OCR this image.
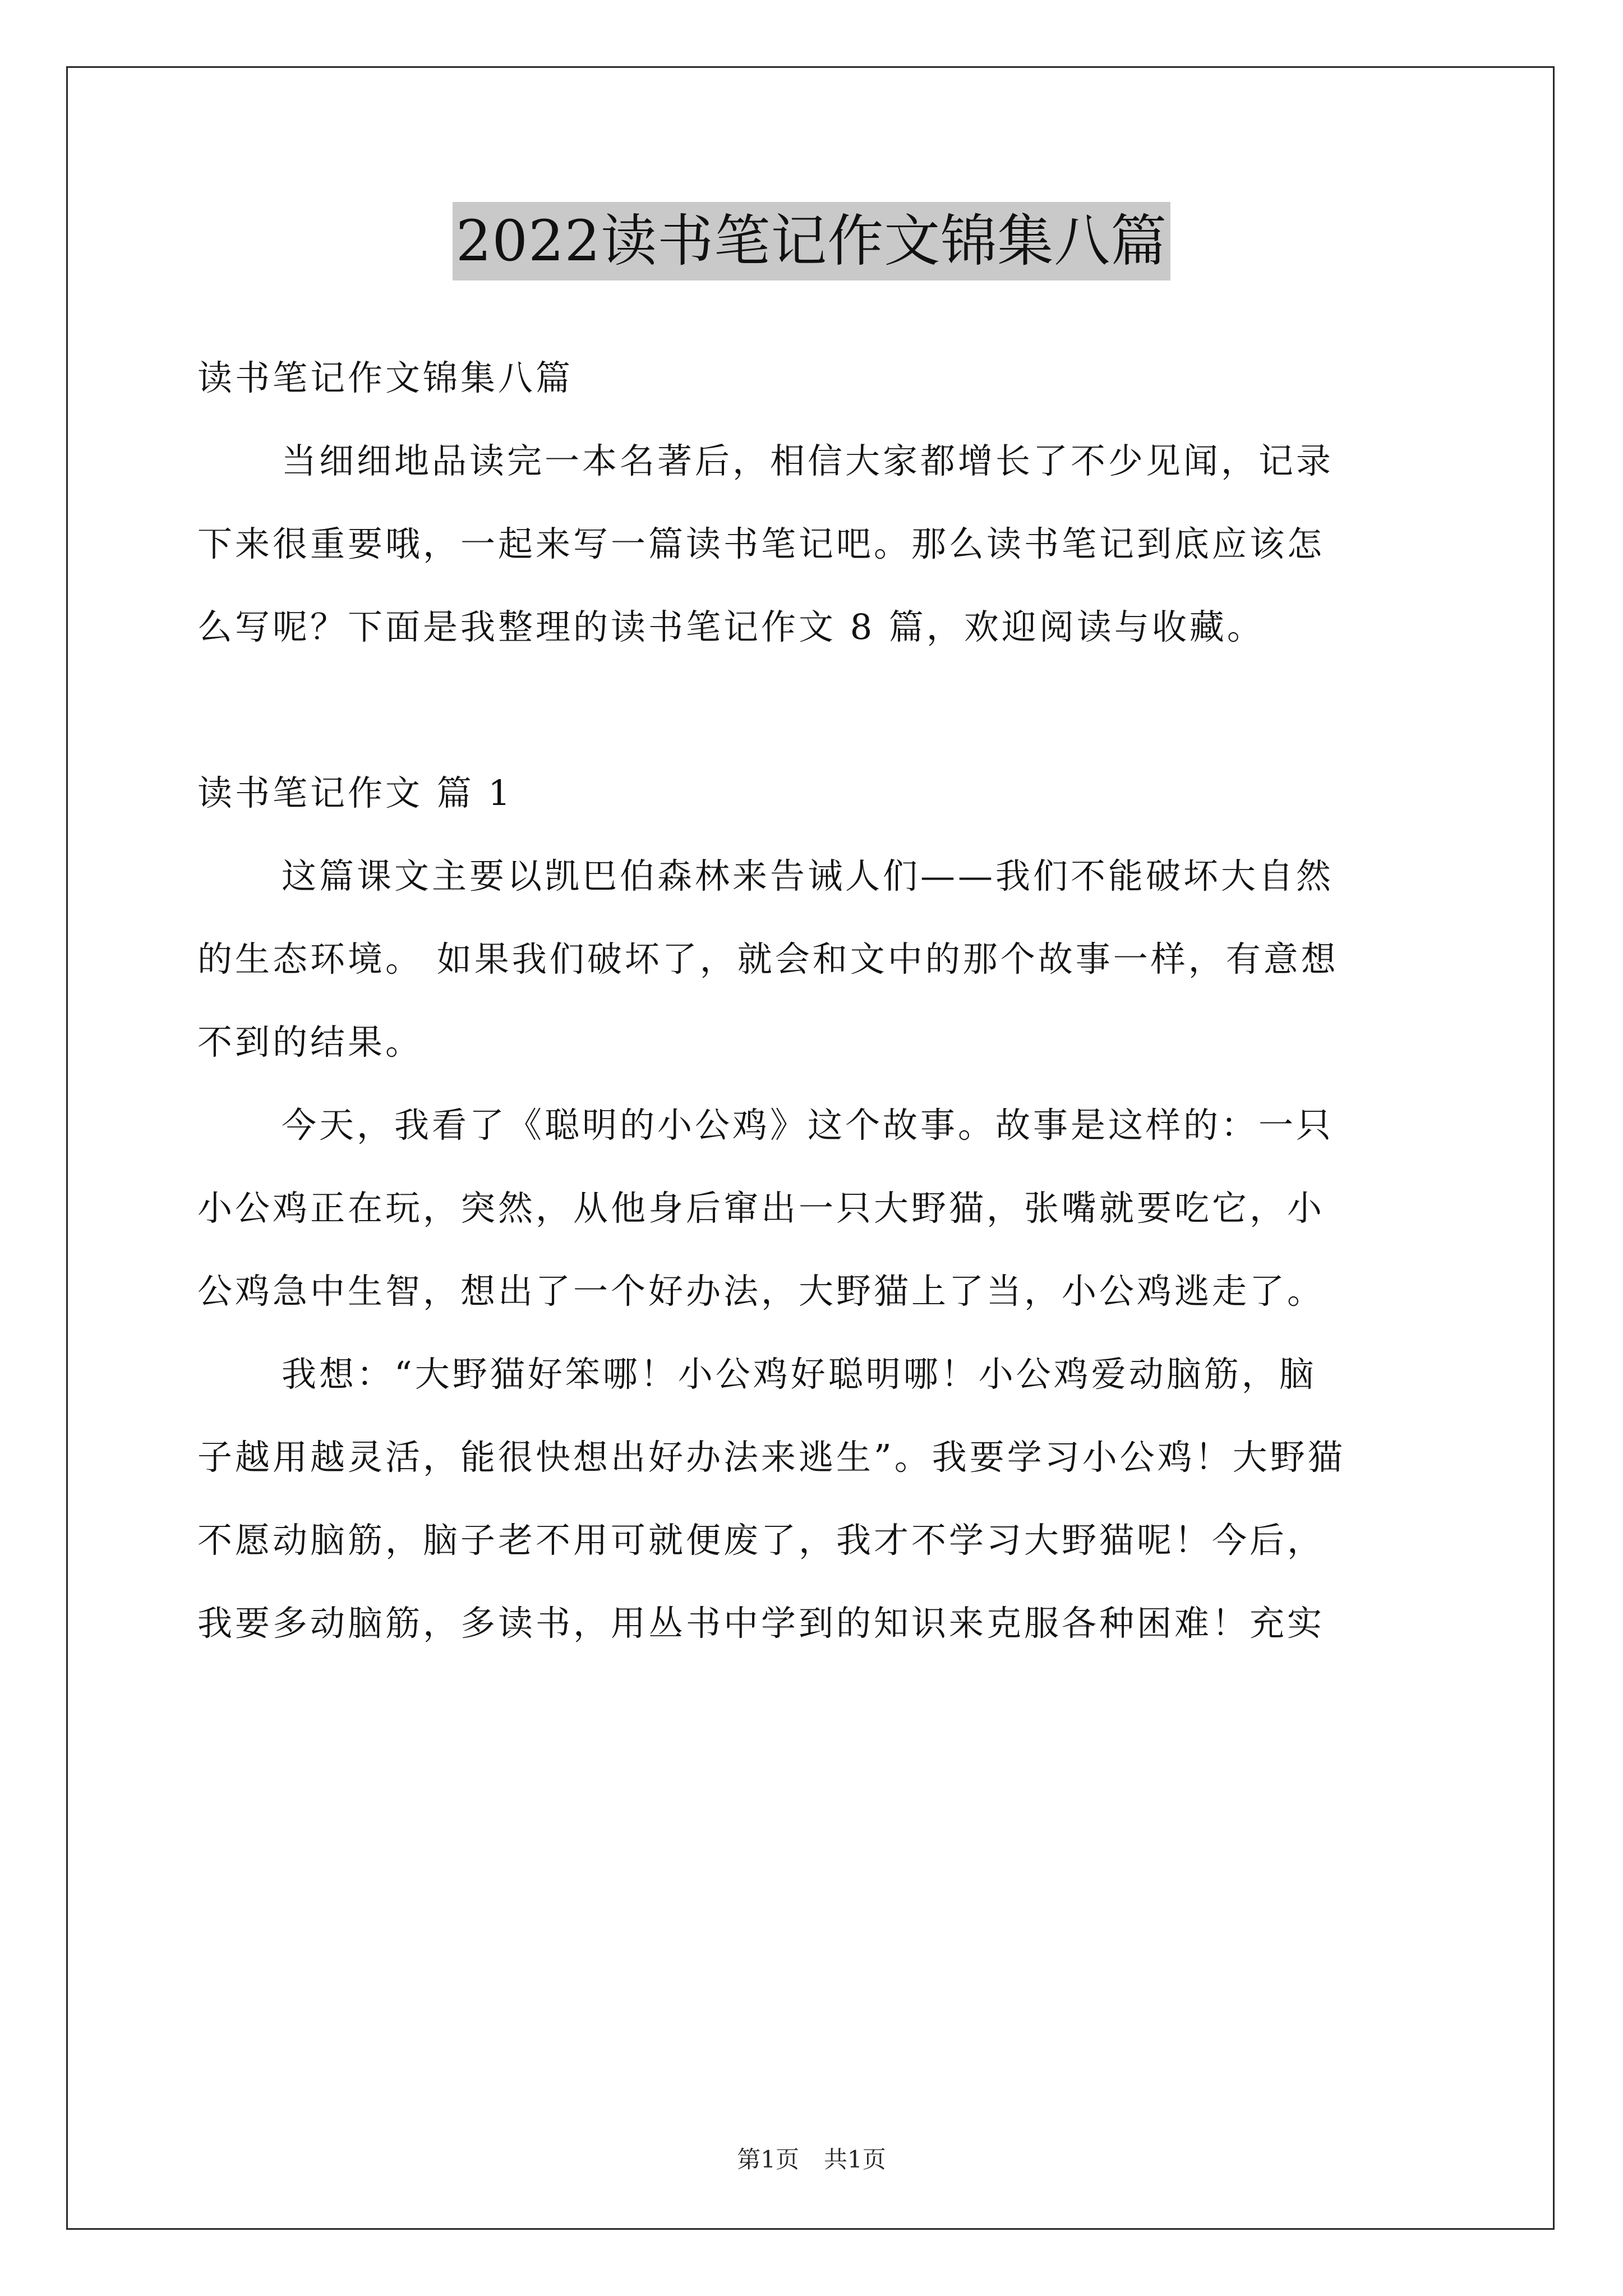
2022读书笔记作文锦集八篇
读书笔记作文锦集八篇
当细细地品读完一本名著后，相信大家都增长了不少见闻，记录
下来很重要哦，一起来写一篇读书笔记吧。那么读书笔记到底应该怎
么写呢？下面是我整理的读书笔记作文 8 篇，欢迎阅读与收藏。
读书笔记作文 篇 1
这篇课文主要以凯巴伯森林来告诫人们——我们不能破坏大自然
的生态环境。 如果我们破坏了，就会和文中的那个故事一样，有意想
不到的结果。
今天，我看了《聪明的小公鸡》这个故事。故事是这样的：一只
小公鸡正在玩，突然，从他身后窜出一只大野猫，张嘴就要吃它，小
公鸡急中生智，想出了一个好办法，大野猫上了当，小公鸡逃走了。
我想：“大野猫好笨哪！小公鸡好聪明哪！小公鸡爱动脑筋，脑
子越用越灵活，能很快想出好办法来逃生”。我要学习小公鸡！大野猫
不愿动脑筋，脑子老不用可就便废了，我才不学习大野猫呢！今后，
我要多动脑筋，多读书，用丛书中学到的知识来克服各种困难！充实
第1页 共1页
